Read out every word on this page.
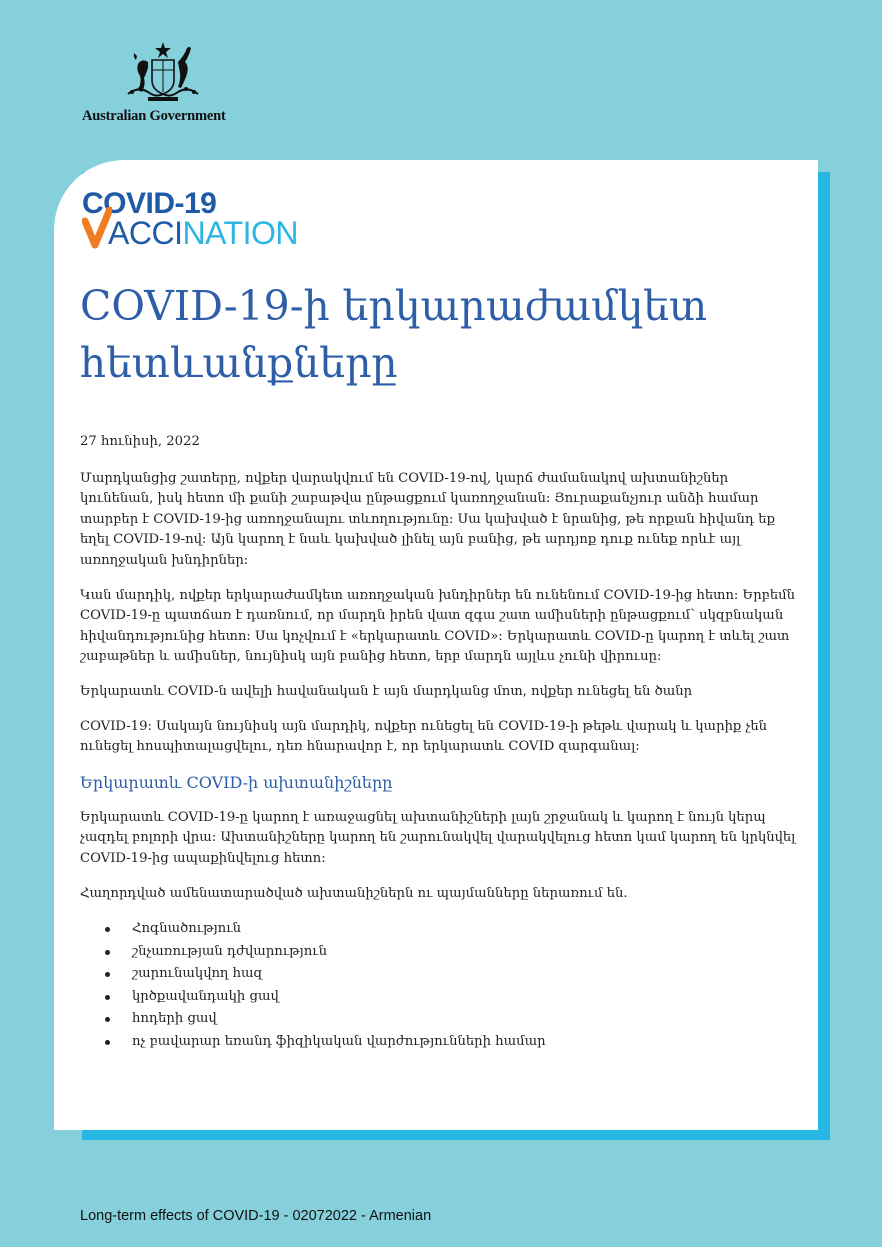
Australian Government
COVID-19
ACCINATION
COVID-19-ի երկարաժամկետ հետևանքները

27 հունիսի, 2022

Մարդկանցից շատերը, ովքեր վարակվում են COVID-19-ով, կարճ ժամանակով ախտանիշներ կունենան, իսկ հետո մի քանի շաբաթվա ընթացքում կառողջանան: Յուրաքանչյուր անձի համար տարբեր է COVID-19-ից առողջանալու տևողությունը: Սա կախված է նրանից, թե որքան հիվանդ եք եղել COVID-19-ով: Այն կարող է նաև կախված լինել այն բանից, թե արդյոք դուք ունեք որևէ այլ առողջական խնդիրներ:

Կան մարդիկ, ովքեր երկարաժամկետ առողջական խնդիրներ են ունենում COVID-19-ից հետո: Երբեմն COVID-19-ը պատճառ է դառնում, որ մարդն իրեն վատ զգա շատ ամիսների ընթացքում՝ սկզբնական հիվանդությունից հետո: Սա կոչվում է «երկարատև COVID»: Երկարատև COVID-ը կարող է տևել շատ շաբաթներ և ամիսներ, նույնիսկ այն բանից հետո, երբ մարդն այլևս չունի վիրուսը:

Երկարատև COVID-ն ավելի հավանական է այն մարդկանց մոտ, ովքեր ունեցել են ծանր

COVID-19: Սակայն նույնիսկ այն մարդիկ, ովքեր ունեցել են COVID-19-ի թեթև վարակ և կարիք չեն ունեցել հոսպիտալացվելու, դեռ հնարավոր է, որ երկարատև COVID զարգանալ:

Երկարատև COVID-ի ախտանիշները

Երկարատև COVID-19-ը կարող է առաջացնել ախտանիշների լայն շրջանակ և կարող է նույն կերպ չազդել բոլորի վրա: Ախտանիշները կարող են շարունակվել վարակվելուց հետո կամ կարող են կրկնվել COVID-19-ից ապաքինվելուց հետո:

Հաղորդված ամենատարածված ախտանիշներն ու պայմանները ներառում են.

Հոգնածություն
շնչառության դժվարություն
շարունակվող հազ
կրծքավանդակի ցավ
հոդերի ցավ
ոչ բավարար եռանդ ֆիզիկական վարժությունների համար
Long-term effects of COVID-19 - 02072022 - Armenian
